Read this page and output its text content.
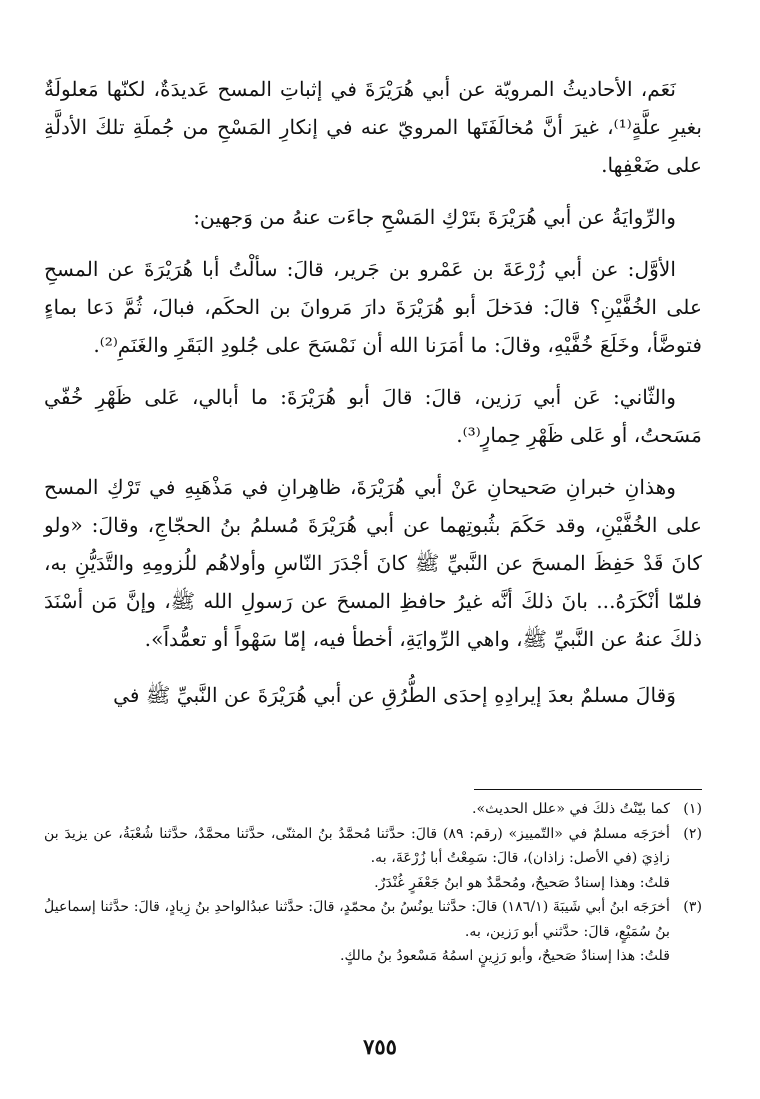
نَعَم، الأحاديثُ المرويّة عن أبي هُرَيْرَةَ في إثباتِ المسح عَديدَةٌ، لكنّها مَعلولَةٌ بغيرِ علَّةٍ⁽¹⁾، غيرَ أنَّ مُخالَفَتَها المرويّ عنه في إنكارِ المَسْحِ من جُملَةِ تلكَ الأدلَّةِ على ضَعْفِها.

والرِّوايَةُ عن أبي هُرَيْرَةَ بتَرْكِ المَسْحِ جاءَت عنهُ من وَجهين:

الأوَّل: عن أبي زُرْعَةَ بن عَمْرو بن جَرير، قالَ: سألْتُ أبا هُرَيْرَةَ عن المسحِ على الخُفَّيْنِ؟ قالَ: فدَخلَ أبو هُرَيْرَةَ دارَ مَروانَ بن الحكَم، فبالَ، ثُمَّ دَعا بماءٍ فتوضَّأ، وخَلَعَ خُفَّيْهِ، وقالَ: ما أمَرَنا الله أن نَمْسَحَ على جُلودِ البَقَرِ والغَنَمِ⁽²⁾.

والثّاني: عَن أبي رَزين، قالَ: قالَ أبو هُرَيْرَةَ: ما أبالي، عَلى ظَهْرِ خُفّي مَسَحتُ، أو عَلى ظَهْرِ حِمارٍ⁽³⁾.

وهذانِ خبرانِ صَحيحانِ عَنْ أبي هُرَيْرَةَ، ظاهِرانِ في مَذْهَبِهِ في تَرْكِ المسح على الخُفَّيْنِ، وقد حَكَمَ بثُبوتِهما عن أبي هُرَيْرَةَ مُسلمُ بنُ الحجّاجِ، وقالَ: «ولو كانَ قَدْ حَفِظَ المسحَ عن النَّبيِّ ﷺ كانَ أجْدَرَ النّاسِ وأولاهُم للُزومِهِ والتَّدَيُّنِ به، فلمّا أنْكَرَهُ... بانَ ذلكَ أنَّه غيرُ حافظِ المسحَ عن رَسولِ الله ﷺ، وإنَّ مَن أسْنَدَ ذلكَ عنهُ عن النَّبيِّ ﷺ، واهي الرِّوايَةِ، أخطأ فيه، إمّا سَهْواً أو تعمُّداً».

وَقالَ مسلمٌ بعدَ إيرادِهِ إحدَى الطُّرُقِ عن أبي هُرَيْرَةَ عن النَّبيِّ ﷺ في

(١)
كما بيّنْتُ ذلكَ في «علل الحديث».
(٢)
أخرَجَه مسلمٌ في «التّمييز» (رقم: ٨٩) قالَ: حدَّثنا مُحمَّدُ بنُ المثنّى، حدَّثنا محمَّدٌ، حدَّثنا شُعْبَةُ، عن يزيدَ بن زاذِيَ (في الأصل: زاذان)، قالَ: سَمِعْتُ أبا زُرْعَةَ، به.
قلتُ: وهذا إسنادٌ صَحيحٌ، ومُحمَّدٌ هو ابنُ جَعْفَرٍ غُنْدَرٌ.
(٣)
أخرَجَه ابنُ أبي شَيبَةَ (١٨٦/١) قالَ: حدَّثنا يونُسُ بنُ محمّدٍ، قالَ: حدَّثنا عبدُالواحدِ بنُ زِيادٍ، قالَ: حدَّثنا إسماعيلُ بنُ سُمَيْعٍ، قالَ: حدَّثني أبو رَزين، به.
قلتُ: هذا إسنادٌ صَحيحٌ، وأبو رَزِينٍ اسمُهُ مَسْعودُ بنُ مالكٍ.
٧٥٥
